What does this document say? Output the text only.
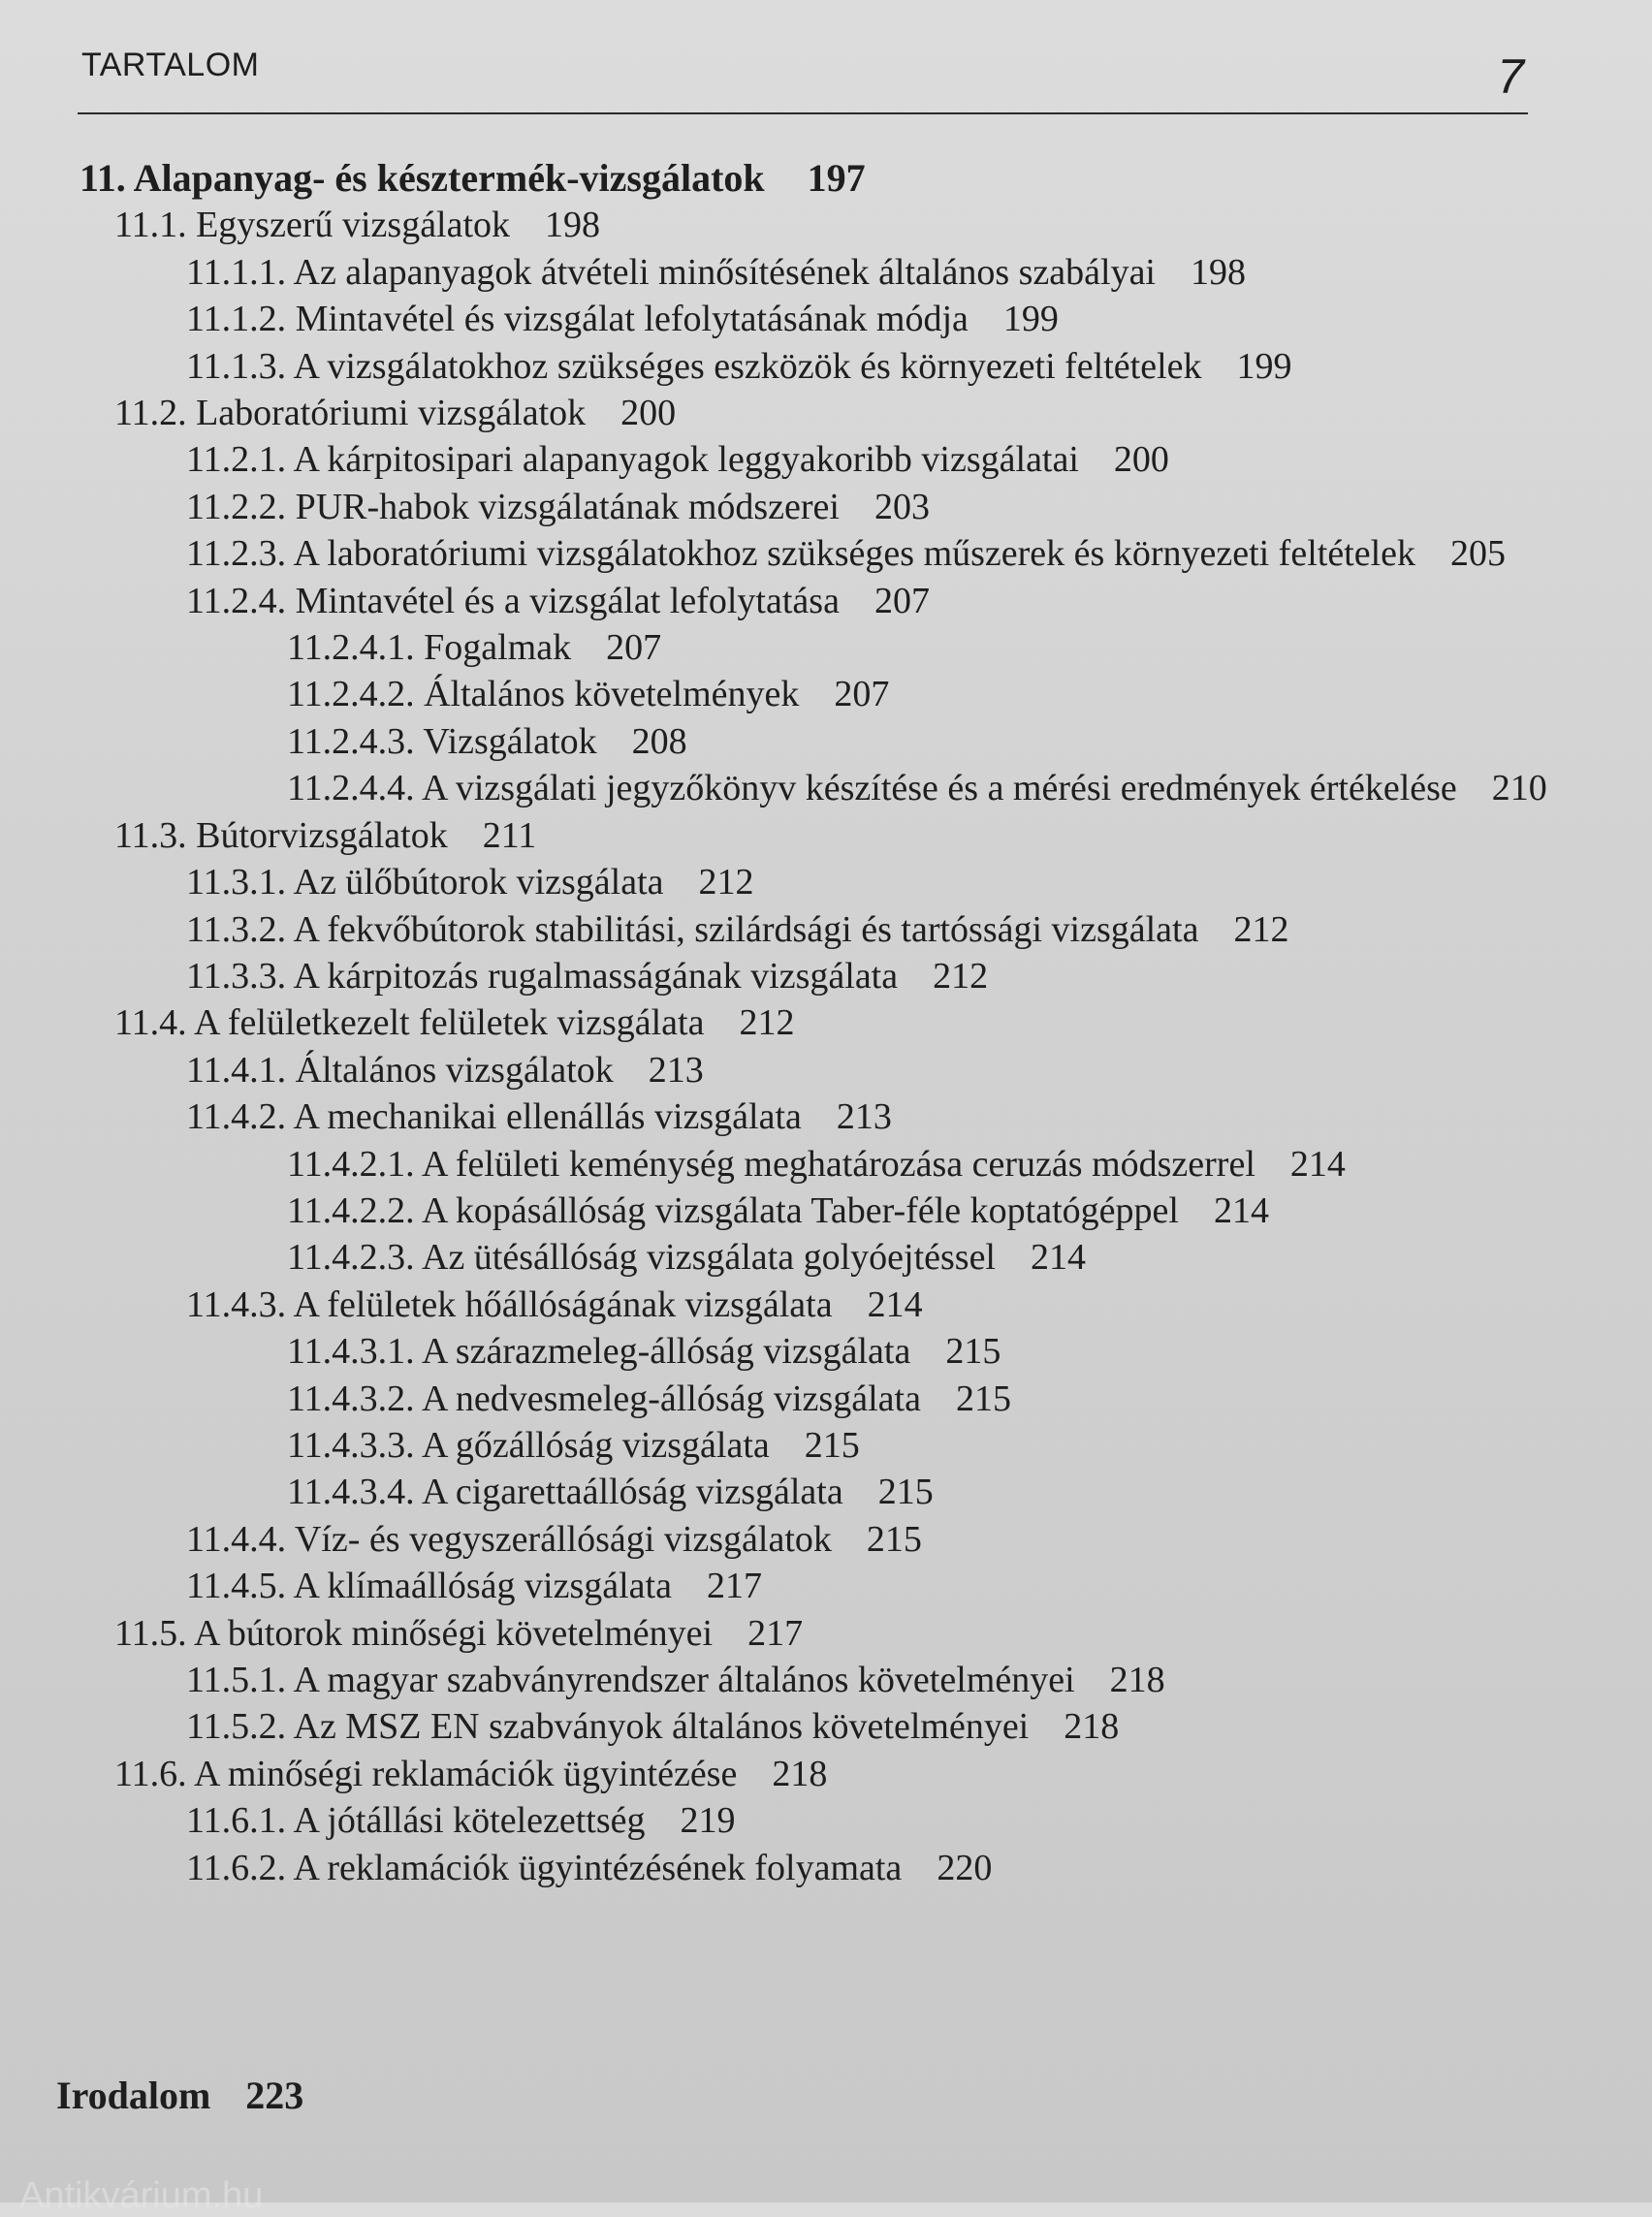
TARTALOM	7
11. Alapanyag- és késztermék-vizsgálatok 197
11.1. Egyszerű vizsgálatok 198
11.1.1. Az alapanyagok átvételi minősítésének általános szabályai 198
11.1.2. Mintavétel és vizsgálat lefolytatásának módja 199
11.1.3. A vizsgálatokhoz szükséges eszközök és környezeti feltételek 199
11.2. Laboratóriumi vizsgálatok 200
11.2.1. A kárpitosipari alapanyagok leggyakoribb vizsgálatai 200
11.2.2. PUR-habok vizsgálatának módszerei 203
11.2.3. A laboratóriumi vizsgálatokhoz szükséges műszerek és környezeti feltételek 205
11.2.4. Mintavétel és a vizsgálat lefolytatása 207
11.2.4.1. Fogalmak 207
11.2.4.2. Általános követelmények 207
11.2.4.3. Vizsgálatok 208
11.2.4.4. A vizsgálati jegyzőkönyv készítése és a mérési eredmények értékelése 210
11.3. Bútorvizsgálatok 211
11.3.1. Az ülőbútorok vizsgálata 212
11.3.2. A fekvőbútorok stabilitási, szilárdsági és tartóssági vizsgálata 212
11.3.3. A kárpitozás rugalmasságának vizsgálata 212
11.4. A felületkezelt felületek vizsgálata 212
11.4.1. Általános vizsgálatok 213
11.4.2. A mechanikai ellenállás vizsgálata 213
11.4.2.1. A felületi keménység meghatározása ceruzás módszerrel 214
11.4.2.2. A kopásállóság vizsgálata Taber-féle koptatógéppel 214
11.4.2.3. Az ütésállóság vizsgálata golyóejtéssel 214
11.4.3. A felületek hőállóságának vizsgálata 214
11.4.3.1. A szárazmeleg-állóság vizsgálata 215
11.4.3.2. A nedvesmeleg-állóság vizsgálata 215
11.4.3.3. A gőzállóság vizsgálata 215
11.4.3.4. A cigarettaállóság vizsgálata 215
11.4.4. Víz- és vegyszerállósági vizsgálatok 215
11.4.5. A klímaállóság vizsgálata 217
11.5. A bútorok minőségi követelményei 217
11.5.1. A magyar szabványrendszer általános követelményei 218
11.5.2. Az MSZ EN szabványok általános követelményei 218
11.6. A minőségi reklamációk ügyintézése 218
11.6.1. A jótállási kötelezettség 219
11.6.2. A reklamációk ügyintézésének folyamata 220
Irodalom 223
Antikvárium.hu
